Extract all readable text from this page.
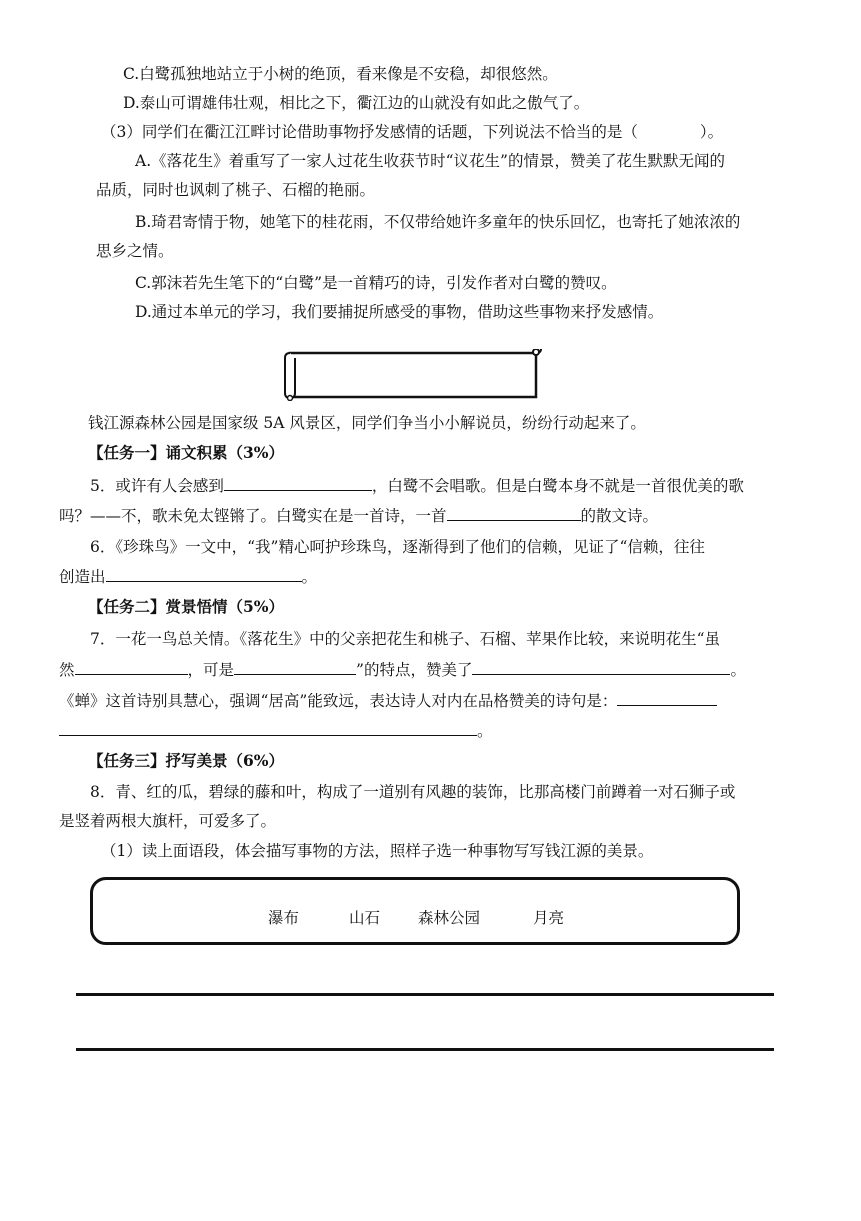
C.白鹭孤独地站立于小树的绝顶，看来像是不安稳，却很悠然。
D.泰山可谓雄伟壮观，相比之下，衢江边的山就没有如此之傲气了。
（3）同学们在衢江江畔讨论借助事物抒发感情的话题，下列说法不恰当的是（	）。
A.《落花生》着重写了一家人过花生收获节时“议花生”的情景，赞美了花生默默无闻的
品质，同时也讽刺了桃子、石榴的艳丽。
B.琦君寄情于物，她笔下的桂花雨，不仅带给她许多童年的快乐回忆，也寄托了她浓浓的
思乡之情。
C.郭沫若先生笔下的“白鹭”是一首精巧的诗，引发作者对白鹭的赞叹。
D.通过本单元的学习，我们要捕捉所感受的事物，借助这些事物来抒发感情。
钱江源森林公园是国家级 5A 风景区，同学们争当小小解说员，纷纷行动起来了。
【任务一】诵文积累（3%）
5．或许有人会感到	，白鹭不会唱歌。但是白鹭本身不就是一首很优美的歌
吗？——不，歌未免太铿锵了。白鹭实在是一首诗，一首	的散文诗。
6．《珍珠鸟》一文中，“我”精心呵护珍珠鸟，逐渐得到了他们的信赖，见证了“信赖，往往
创造出	。
【任务二】赏景悟情（5%）
7．一花一鸟总关情。《落花生》中的父亲把花生和桃子、石榴、苹果作比较，来说明花生“虽
然	，可是	”的特点，赞美了	。
《蝉》这首诗别具慧心，强调“居高”能致远，表达诗人对内在品格赞美的诗句是：
。
【任务三】抒写美景（6%）
8．青、红的瓜，碧绿的藤和叶，构成了一道别有风趣的装饰，比那高楼门前蹲着一对石狮子或
是竖着两根大旗杆，可爱多了。
（1）读上面语段，体会描写事物的方法，照样子选一种事物写写钱江源的美景。
瀑布	山石 森林公园	月亮
